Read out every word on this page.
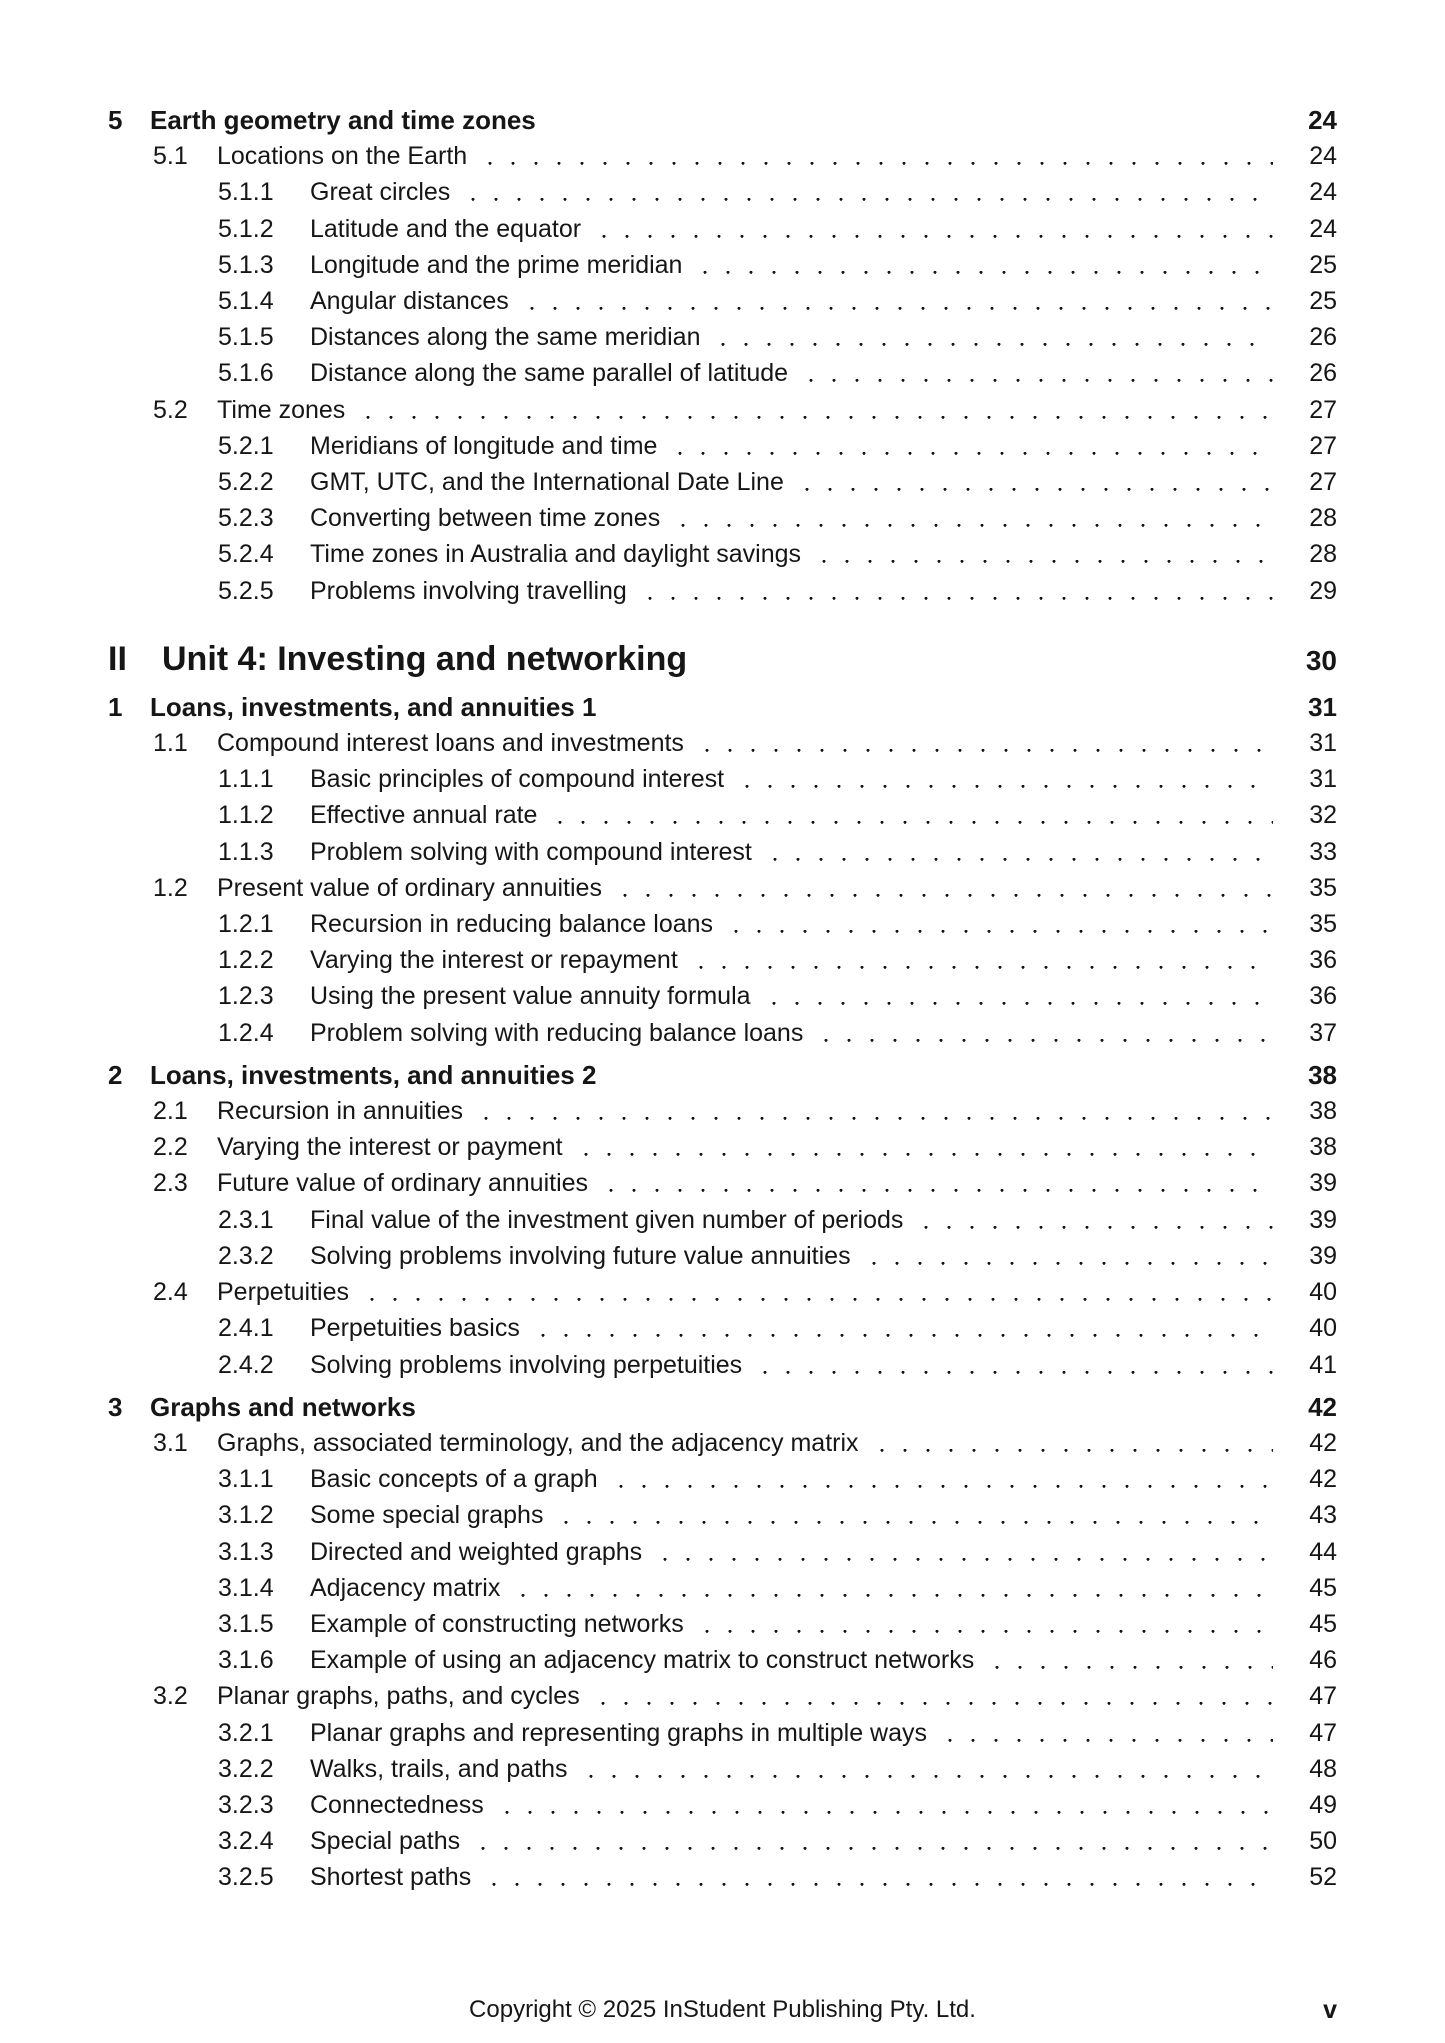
5	Earth geometry and time zones	24
5.1	Locations on the Earth	24
5.1.1	Great circles	24
5.1.2	Latitude and the equator	24
5.1.3	Longitude and the prime meridian	25
5.1.4	Angular distances	25
5.1.5	Distances along the same meridian	26
5.1.6	Distance along the same parallel of latitude	26
5.2	Time zones	27
5.2.1	Meridians of longitude and time	27
5.2.2	GMT, UTC, and the International Date Line	27
5.2.3	Converting between time zones	28
5.2.4	Time zones in Australia and daylight savings	28
5.2.5	Problems involving travelling	29
II	Unit 4: Investing and networking	30
1	Loans, investments, and annuities 1	31
1.1	Compound interest loans and investments	31
1.1.1	Basic principles of compound interest	31
1.1.2	Effective annual rate	32
1.1.3	Problem solving with compound interest	33
1.2	Present value of ordinary annuities	35
1.2.1	Recursion in reducing balance loans	35
1.2.2	Varying the interest or repayment	36
1.2.3	Using the present value annuity formula	36
1.2.4	Problem solving with reducing balance loans	37
2	Loans, investments, and annuities 2	38
2.1	Recursion in annuities	38
2.2	Varying the interest or payment	38
2.3	Future value of ordinary annuities	39
2.3.1	Final value of the investment given number of periods	39
2.3.2	Solving problems involving future value annuities	39
2.4	Perpetuities	40
2.4.1	Perpetuities basics	40
2.4.2	Solving problems involving perpetuities	41
3	Graphs and networks	42
3.1	Graphs, associated terminology, and the adjacency matrix	42
3.1.1	Basic concepts of a graph	42
3.1.2	Some special graphs	43
3.1.3	Directed and weighted graphs	44
3.1.4	Adjacency matrix	45
3.1.5	Example of constructing networks	45
3.1.6	Example of using an adjacency matrix to construct networks	46
3.2	Planar graphs, paths, and cycles	47
3.2.1	Planar graphs and representing graphs in multiple ways	47
3.2.2	Walks, trails, and paths	48
3.2.3	Connectedness	49
3.2.4	Special paths	50
3.2.5	Shortest paths	52
Copyright © 2025 InStudent Publishing Pty. Ltd.	v
